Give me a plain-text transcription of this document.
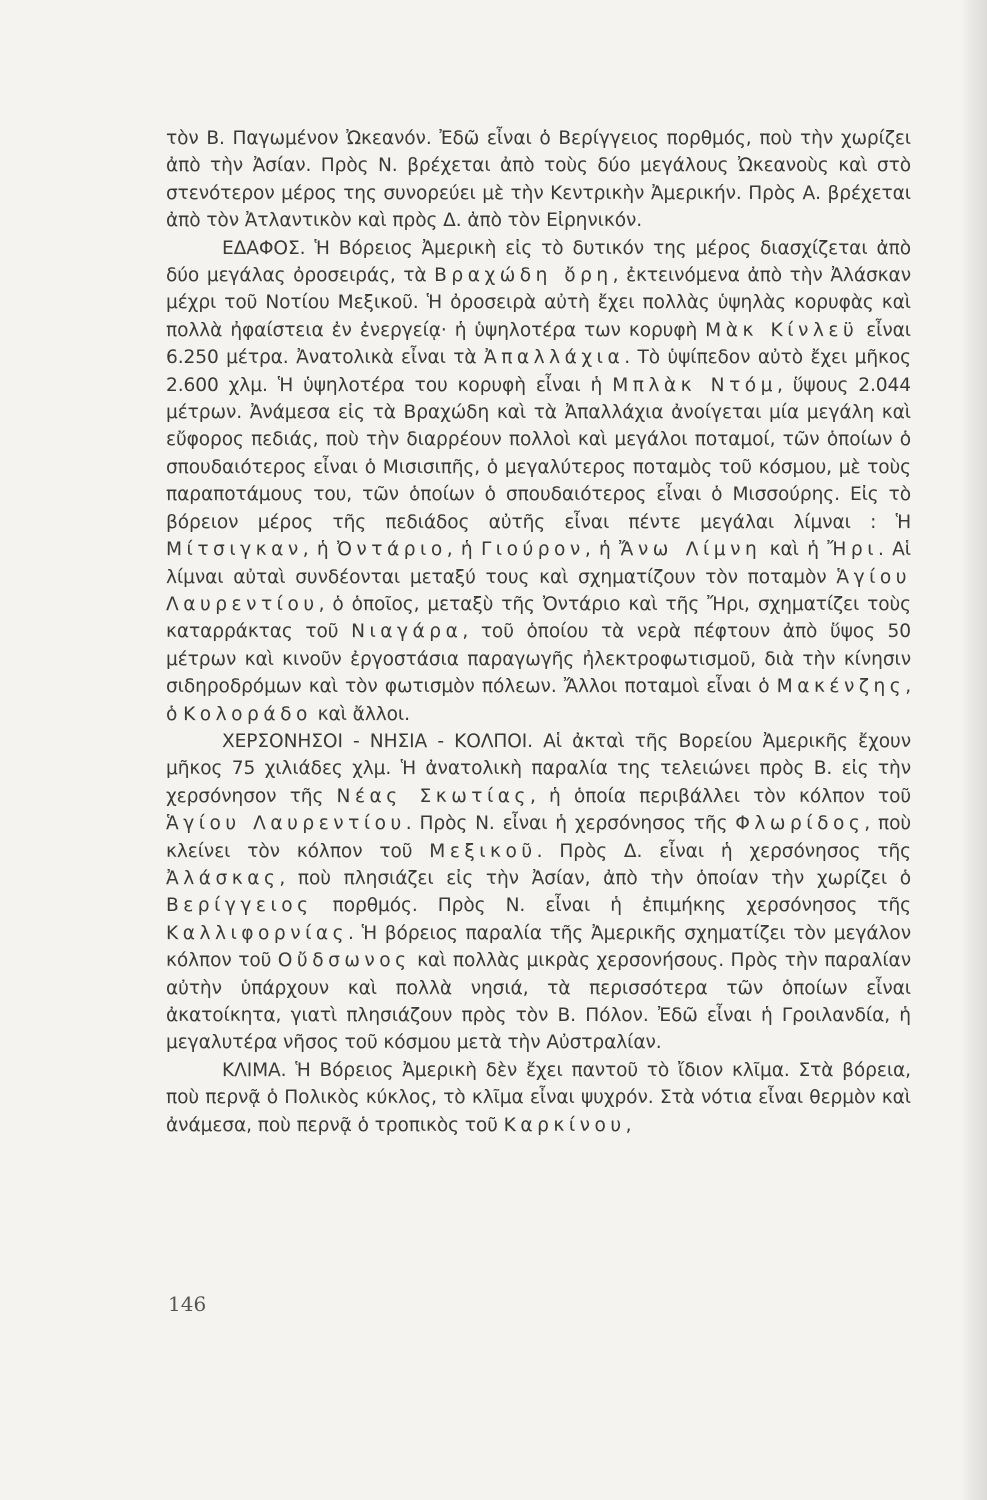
τὸν Β. Παγωμένον Ὠκεανόν. Ἐδῶ εἶναι ὁ Βερίγγειος πορθμός, ποὺ τὴν χωρίζει ἀπὸ τὴν Ἀσίαν. Πρὸς Ν. βρέχεται ἀπὸ τοὺς δύο μεγάλους Ὠκεανοὺς καὶ στὸ στενότερον μέρος της συνορεύει μὲ τὴν Κεντρικὴν Ἀμερικήν. Πρὸς Α. βρέχεται ἀπὸ τὸν Ἀτλαντικὸν καὶ πρὸς Δ. ἀπὸ τὸν Εἰρηνικόν.

ΕΔΑΦΟΣ. Ἡ Βόρειος Ἀμερικὴ εἰς τὸ δυτικόν της μέρος διασχίζεται ἀπὸ δύο μεγάλας ὀροσειράς, τὰ Βραχώδη ὄρη, ἐκτεινόμενα ἀπὸ τὴν Ἀλάσκαν μέχρι τοῦ Νοτίου Μεξικοῦ. Ἡ ὀροσειρὰ αὐτὴ ἔχει πολλὰς ὑψηλὰς κορυφὰς καὶ πολλὰ ἠφαίστεια ἐν ἐνεργείᾳ· ἡ ὑψηλοτέρα των κορυφὴ Μὰκ Κίνλεϋ εἶναι 6.250 μέτρα. Ἀνατολικὰ εἶναι τὰ Ἀπαλλάχια. Τὸ ὑψίπεδον αὐτὸ ἔχει μῆκος 2.600 χλμ. Ἡ ὑψηλοτέρα του κορυφὴ εἶναι ἡ Μπλὰκ Ντόμ, ὕψους 2.044 μέτρων. Ἀνάμεσα εἰς τὰ Βραχώδη καὶ τὰ Ἀπαλλάχια ἀνοίγεται μία μεγάλη καὶ εὔφορος πεδιάς, ποὺ τὴν διαρρέουν πολλοὶ καὶ μεγάλοι ποταμοί, τῶν ὁποίων ὁ σπουδαιότερος εἶναι ὁ Μισισιπῆς, ὁ μεγαλύτερος ποταμὸς τοῦ κόσμου, μὲ τοὺς παραποτάμους του, τῶν ὁποίων ὁ σπουδαιότερος εἶναι ὁ Μισσούρης. Εἰς τὸ βόρειον μέρος τῆς πεδιάδος αὐτῆς εἶναι πέντε μεγάλαι λίμναι : Ἡ Μίτσιγκαν, ἡ Ὀντάριο, ἡ Γιούρον, ἡ Ἄνω Λίμνη καὶ ἡ Ἤρι. Αἱ λίμναι αὐταὶ συνδέονται μεταξύ τους καὶ σχηματίζουν τὸν ποταμὸν Ἁγίου Λαυρεντίου, ὁ ὁποῖος, μεταξὺ τῆς Ὀντάριο καὶ τῆς Ἤρι, σχηματίζει τοὺς καταρράκτας τοῦ Νιαγάρα, τοῦ ὁποίου τὰ νερὰ πέφτουν ἀπὸ ὕψος 50 μέτρων καὶ κινοῦν ἐργοστάσια παραγωγῆς ἠλεκτροφωτισμοῦ, διὰ τὴν κίνησιν σιδηροδρόμων καὶ τὸν φωτισμὸν πόλεων. Ἄλλοι ποταμοὶ εἶναι ὁ Μακένζης, ὁ Κολοράδο καὶ ἄλλοι.

ΧΕΡΣΟΝΗΣΟΙ - ΝΗΣΙΑ - ΚΟΛΠΟΙ. Αἱ ἀκταὶ τῆς Βορείου Ἀμερικῆς ἔχουν μῆκος 75 χιλιάδες χλμ. Ἡ ἀνατολικὴ παραλία της τελειώνει πρὸς Β. εἰς τὴν χερσόνησον τῆς Νέας Σκωτίας, ἡ ὁποία περιβάλλει τὸν κόλπον τοῦ Ἁγίου Λαυρεντίου. Πρὸς Ν. εἶναι ἡ χερσόνησος τῆς Φλωρίδος, ποὺ κλείνει τὸν κόλπον τοῦ Μεξικοῦ. Πρὸς Δ. εἶναι ἡ χερσόνησος τῆς Ἀλάσκας, ποὺ πλησιάζει εἰς τὴν Ἀσίαν, ἀπὸ τὴν ὁποίαν τὴν χωρίζει ὁ Βερίγγειος πορθμός. Πρὸς Ν. εἶναι ἡ ἐπιμήκης χερσόνησος τῆς Καλλιφορνίας. Ἡ βόρειος παραλία τῆς Ἀμερικῆς σχηματίζει τὸν μεγάλον κόλπον τοῦ Οὔδσωνος καὶ πολλὰς μικρὰς χερσονήσους. Πρὸς τὴν παραλίαν αὐτὴν ὑπάρχουν καὶ πολλὰ νησιά, τὰ περισσότερα τῶν ὁποίων εἶναι ἀκατοίκητα, γιατὶ πλησιάζουν πρὸς τὸν Β. Πόλον. Ἐδῶ εἶναι ἡ Γροιλανδία, ἡ μεγαλυτέρα νῆσος τοῦ κόσμου μετὰ τὴν Αὐστραλίαν.

ΚΛΙΜΑ. Ἡ Βόρειος Ἀμερικὴ δὲν ἔχει παντοῦ τὸ ἴδιον κλῖμα. Στὰ βόρεια, ποὺ περνᾷ ὁ Πολικὸς κύκλος, τὸ κλῖμα εἶναι ψυχρόν. Στὰ νότια εἶναι θερμὸν καὶ ἀνάμεσα, ποὺ περνᾷ ὁ τροπικὸς τοῦ Καρκίνου,

146
